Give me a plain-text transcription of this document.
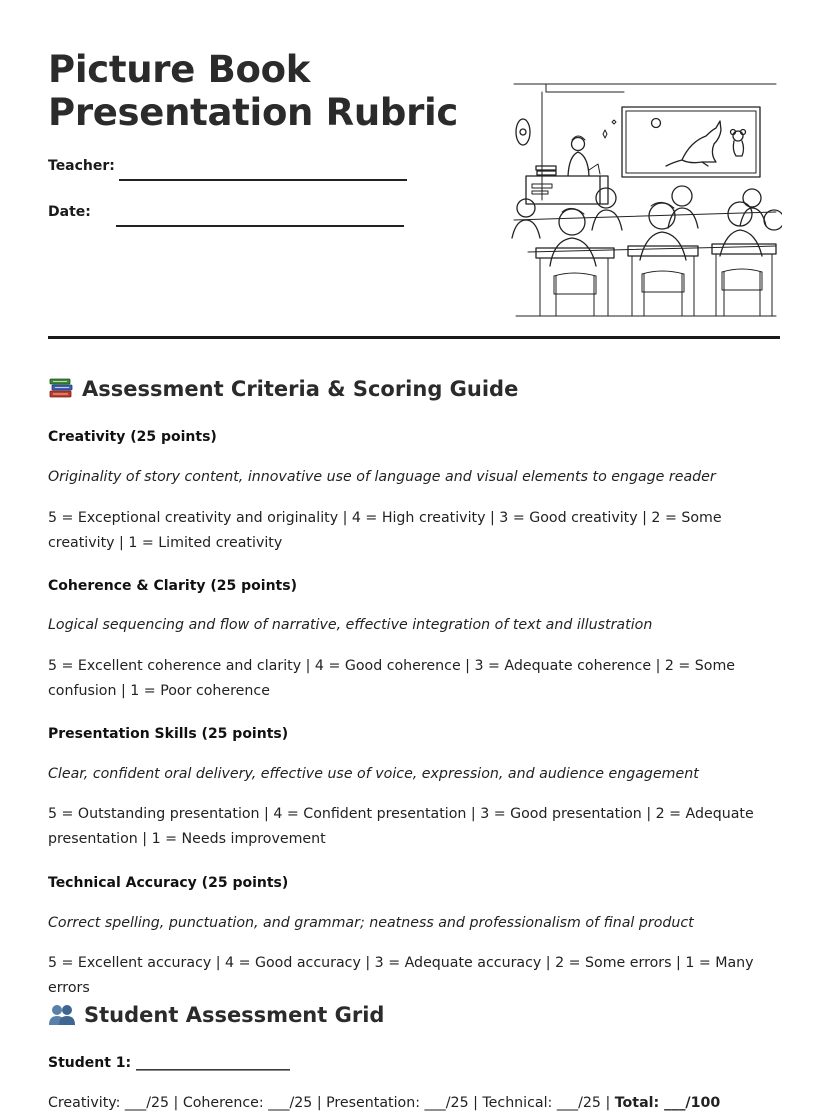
Picture Book
Presentation Rubric
Teacher:
Date:
Assessment Criteria & Scoring Guide
Creativity (25 points)
Originality of story content, innovative use of language and visual elements to engage reader
5 = Exceptional creativity and originality | 4 = High creativity | 3 = Good creativity | 2 = Some creativity | 1 = Limited creativity
Coherence & Clarity (25 points)
Logical sequencing and flow of narrative, effective integration of text and illustration
5 = Excellent coherence and clarity | 4 = Good coherence | 3 = Adequate coherence | 2 = Some confusion | 1 = Poor coherence
Presentation Skills (25 points)
Clear, confident oral delivery, effective use of voice, expression, and audience engagement
5 = Outstanding presentation | 4 = Confident presentation | 3 = Good presentation | 2 = Adequate presentation | 1 = Needs improvement
Technical Accuracy (25 points)
Correct spelling, punctuation, and grammar; neatness and professionalism of final product
5 = Excellent accuracy | 4 = Good accuracy | 3 = Adequate accuracy | 2 = Some errors | 1 = Many errors
Student Assessment Grid
Student 1: ______________________
Creativity: ___/25 | Coherence: ___/25 | Presentation: ___/25 | Technical: ___/25 | Total: ___/100
